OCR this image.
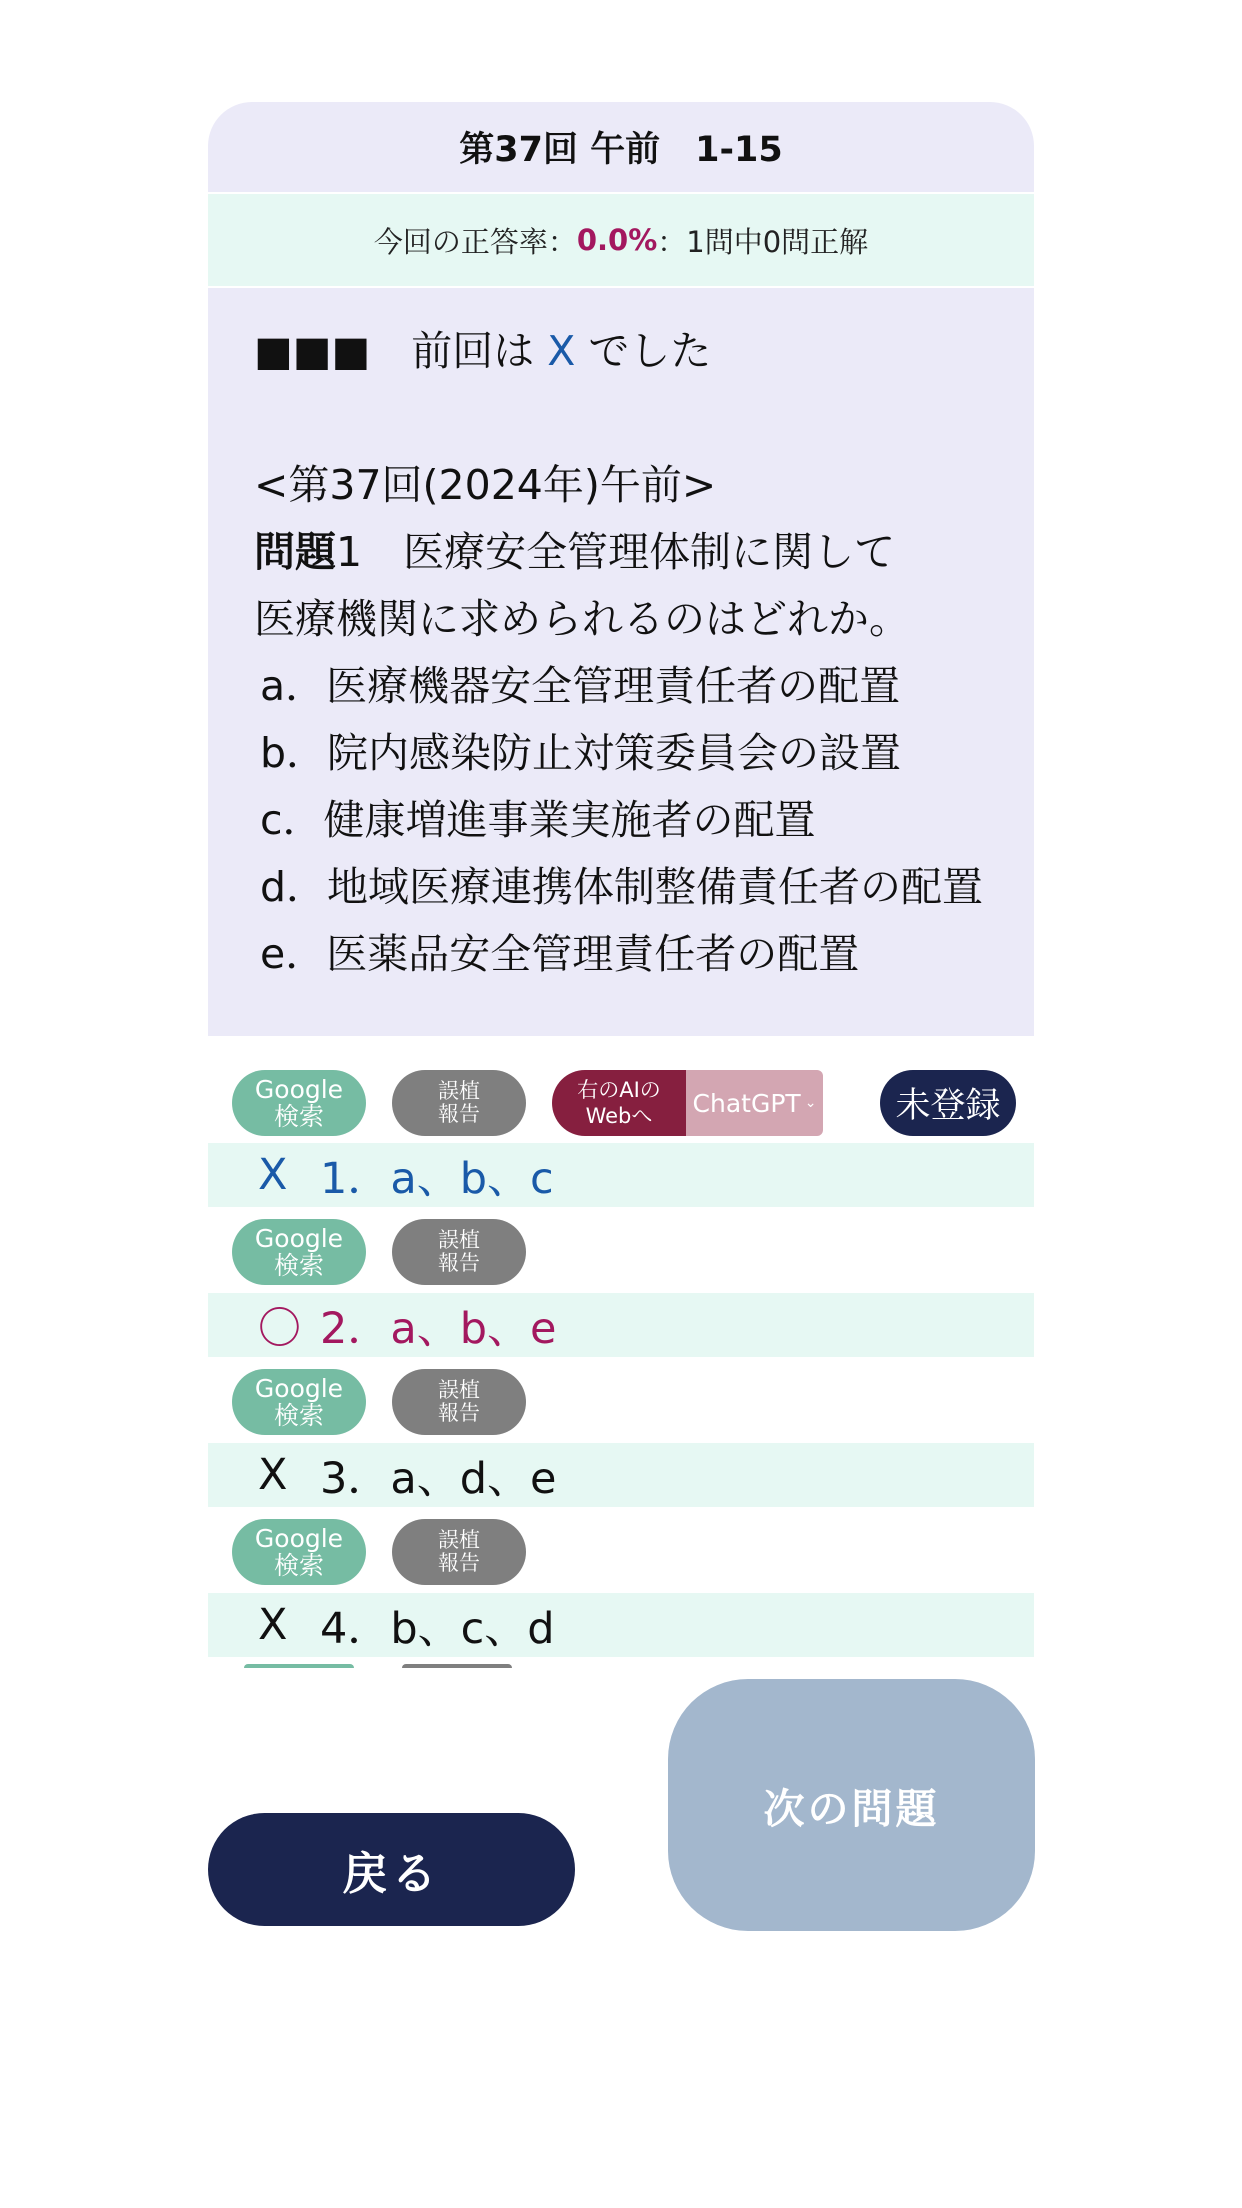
第37回 午前　1-15
今回の正答率： 0.0% ：1問中0問正解
■■■　前回は X でした
<第37回(2024年)午前>
問題1　医療安全管理体制に関して
医療機関に求められるのはどれか。
a．医療機器安全管理責任者の配置
b．院内感染防止対策委員会の設置
c．健康増進事業実施者の配置
d．地域医療連携体制整備責任者の配置
e．医薬品安全管理責任者の配置
Google
検索
誤植
報告
右のAIの
Webへ ChatGPT ⌄	未登録
X 1．a、b、c
Google
検索
誤植
報告
〇 2．a、b、e
Google
検索
誤植
報告
X 3．a、d、e
Google
検索
誤植
報告
X 4．b、c、d
戻る
次の問題
